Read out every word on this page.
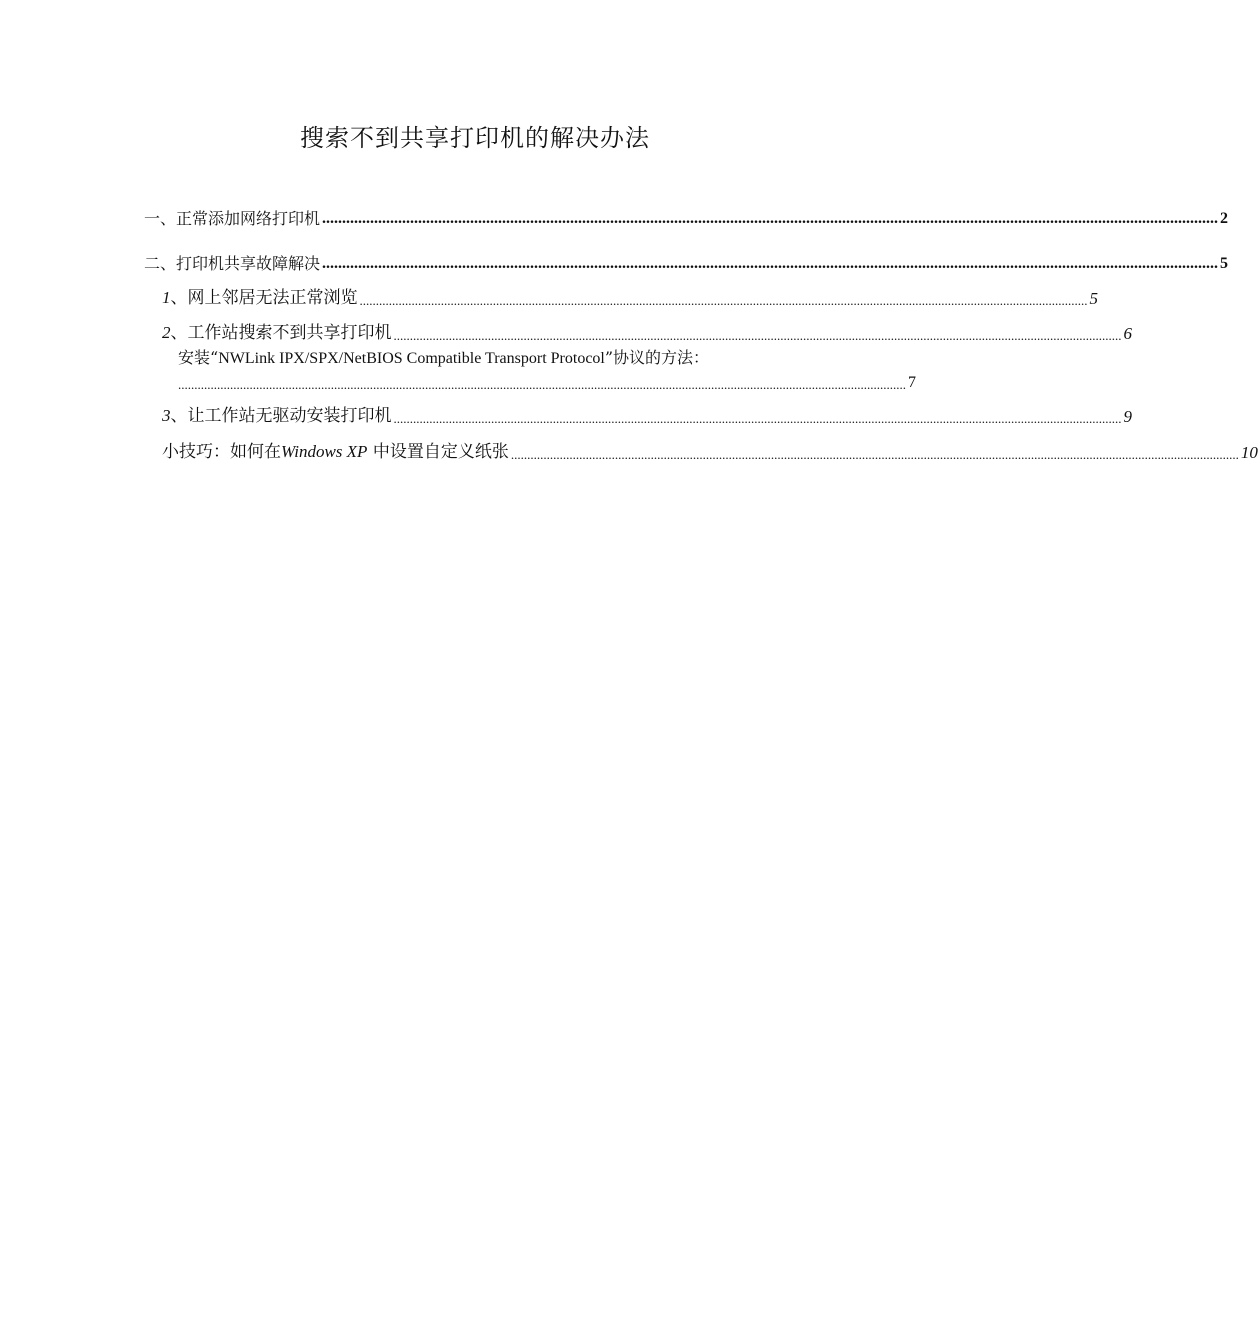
搜索不到共享打印机的解决办法
一、正常添加网络打印机 ................................................................................................................................................................................................................................ 2
二、打印机共享故障解决 ................................................................................................................................................................................................................................ 5
1、网上邻居无法正常浏览 ................................................................................................................................................................................................................................ 5
2、工作站搜索不到共享打印机 ................................................................................................................................................................................................................................ 6
安装“NWLink IPX/SPX/NetBIOS Compatible Transport Protocol”协议的方法：
................................................................................................................................................................................................................................ 7
3、让工作站无驱动安装打印机 ................................................................................................................................................................................................................................ 9
小技巧：如何在Windows XP 中设置自定义纸张 ................................................................................................................................................................................................................................ 10
